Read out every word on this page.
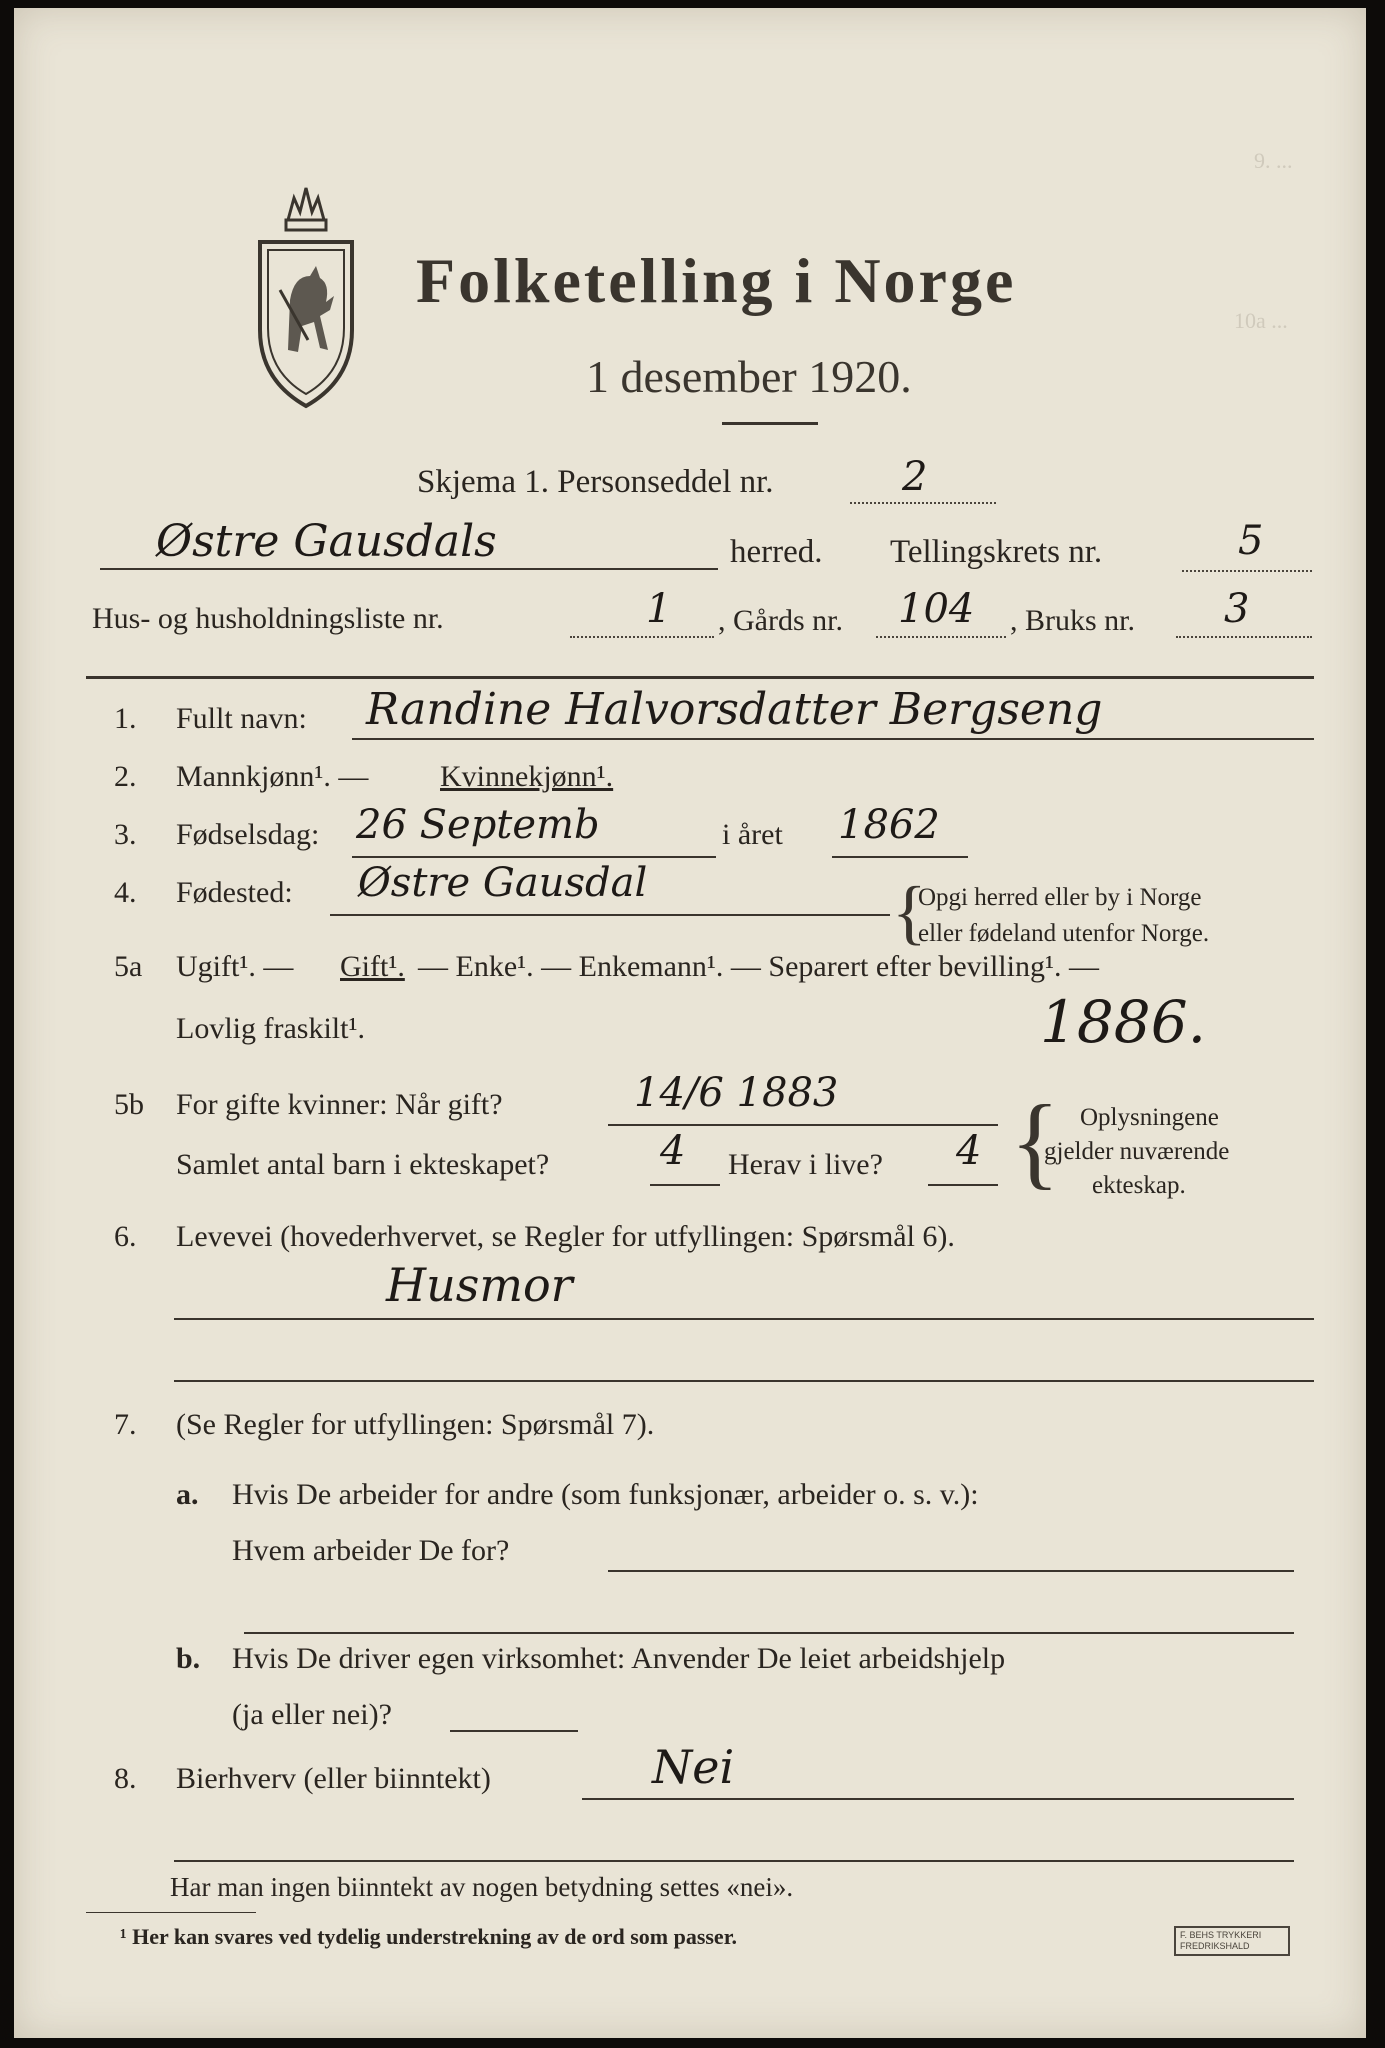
9. ...
10a ...
Folketelling i Norge
1 desember 1920.
Skjema 1. Personseddel nr.	2
Østre Gausdals	herred. Tellingskrets nr.	5
Hus- og husholdningsliste nr.	1 , Gårds nr. 104 , Bruks nr. 3
1. Fullt navn: Randine Halvorsdatter Bergseng
2. Mannkjønn¹. — Kvinnekjønn¹.
3. Fødselsdag: 26 Septemb	i året 1862
4. Fødested: Østre Gausdal	{
Opgi herred eller by i Norge
eller fødeland utenfor Norge.
5a Ugift¹. — Gift¹. — Enke¹. — Enkemann¹. — Separert efter bevilling¹. —
Lovlig fraskilt¹.	1886.
5b For gifte kvinner: Når gift?	14/6 1883
Samlet antal barn i ekteskapet?	4 Herav i live? 4 { Oplysningene
gjelder nuværende
ekteskap.
6. Levevei (hovederhvervet, se Regler for utfyllingen: Spørsmål 6).
Husmor
7. (Se Regler for utfyllingen: Spørsmål 7).
a. Hvis De arbeider for andre (som funksjonær, arbeider o. s. v.):
Hvem arbeider De for?
b. Hvis De driver egen virksomhet: Anvender De leiet arbeidshjelp
(ja eller nei)?
8. Bierhverv (eller biinntekt)	Nei
Har man ingen biinntekt av nogen betydning settes «nei».
¹ Her kan svares ved tydelig understrekning av de ord som passer.	F. BEHS TRYKKERI
FREDRIKSHALD
